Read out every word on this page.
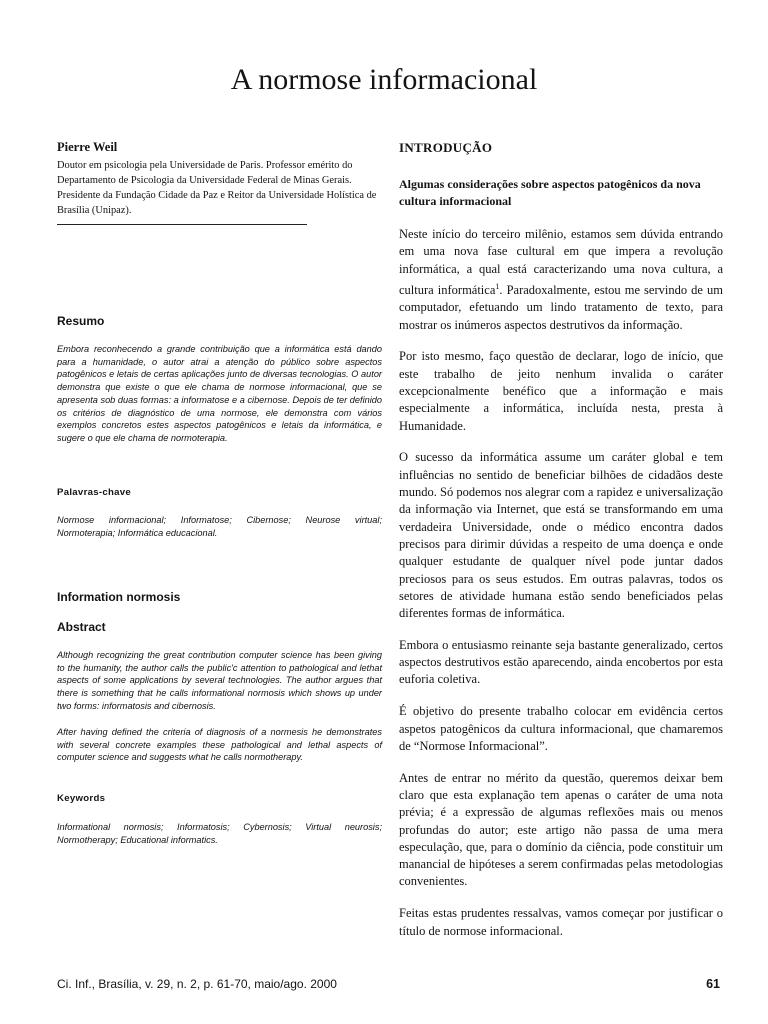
A normose informacional

Pierre Weil

Doutor em psicologia pela Universidade de Paris. Professor emérito do Departamento de Psicologia da Universidade Federal de Minas Gerais. Presidente da Fundação Cidade da Paz e Reitor da Universidade Holística de Brasília (Unipaz).

Resumo

Embora reconhecendo a grande contribuição que a informática está dando para a humanidade, o autor atrai a atenção do público sobre aspectos patogênicos e letais de certas aplicações junto de diversas tecnologias. O autor demonstra que existe o que ele chama de normose informacional, que se apresenta sob duas formas: a informatose e a cibernose. Depois de ter definido os critérios de diagnóstico de uma normose, ele demonstra com vários exemplos concretos estes aspectos patogênicos e letais da informática, e sugere o que ele chama de normoterapia.

Palavras-chave

Normose informacional; Informatose; Cibernose; Neurose virtual; Normoterapia; Informática educacional.

Information normosis
Abstract

Although recognizing the great contribution computer science has been giving to the humanity, the author calls the public'c attention to pathological and lethat aspects of some applications by several technologies. The author argues that there is something that he calls informational normosis which shows up under two forms: informatosis and cibernosis.

After having defined the criteria of diagnosis of a normesis he demonstrates with several concrete examples these pathological and lethal aspects of computer science and suggests what he calls normotherapy.

Keywords

Informational normosis; Informatosis; Cybernosis; Virtual neurosis; Normotherapy; Educational informatics.

INTRODUÇÃO
Algumas considerações sobre aspectos patogênicos da nova cultura informacional

Neste início do terceiro milênio, estamos sem dúvida entrando em uma nova fase cultural em que impera a revolução informática, a qual está caracterizando uma nova cultura, a cultura informática$^1$. Paradoxalmente, estou me servindo de um computador, efetuando um lindo tratamento de texto, para mostrar os inúmeros aspectos destrutivos da informação.

Por isto mesmo, faço questão de declarar, logo de início, que este trabalho de jeito nenhum invalida o caráter excepcionalmente benéfico que a informação e mais especialmente a informática, incluída nesta, presta à Humanidade.

O sucesso da informática assume um caráter global e tem influências no sentido de beneficiar bilhões de cidadãos deste mundo. Só podemos nos alegrar com a rapidez e universalização da informação via Internet, que está se transformando em uma verdadeira Universidade, onde o médico encontra dados precisos para dirimir dúvidas a respeito de uma doença e onde qualquer estudante de qualquer nível pode juntar dados preciosos para os seus estudos. Em outras palavras, todos os setores de atividade humana estão sendo beneficiados pelas diferentes formas de informática.

Embora o entusiasmo reinante seja bastante generalizado, certos aspectos destrutivos estão aparecendo, ainda encobertos por esta euforia coletiva.

É objetivo do presente trabalho colocar em evidência certos aspetos patogênicos da cultura informacional, que chamaremos de “Normose Informacional”.

Antes de entrar no mérito da questão, queremos deixar bem claro que esta explanação tem apenas o caráter de uma nota prévia; é a expressão de algumas reflexões mais ou menos profundas do autor; este artigo não passa de uma mera especulação, que, para o domínio da ciência, pode constituir um manancial de hipóteses a serem confirmadas pelas metodologias convenientes.

Feitas estas prudentes ressalvas, vamos começar por justificar o título de normose informacional.

Ci. Inf., Brasília, v. 29, n. 2, p. 61-70, maio/ago. 2000	61
